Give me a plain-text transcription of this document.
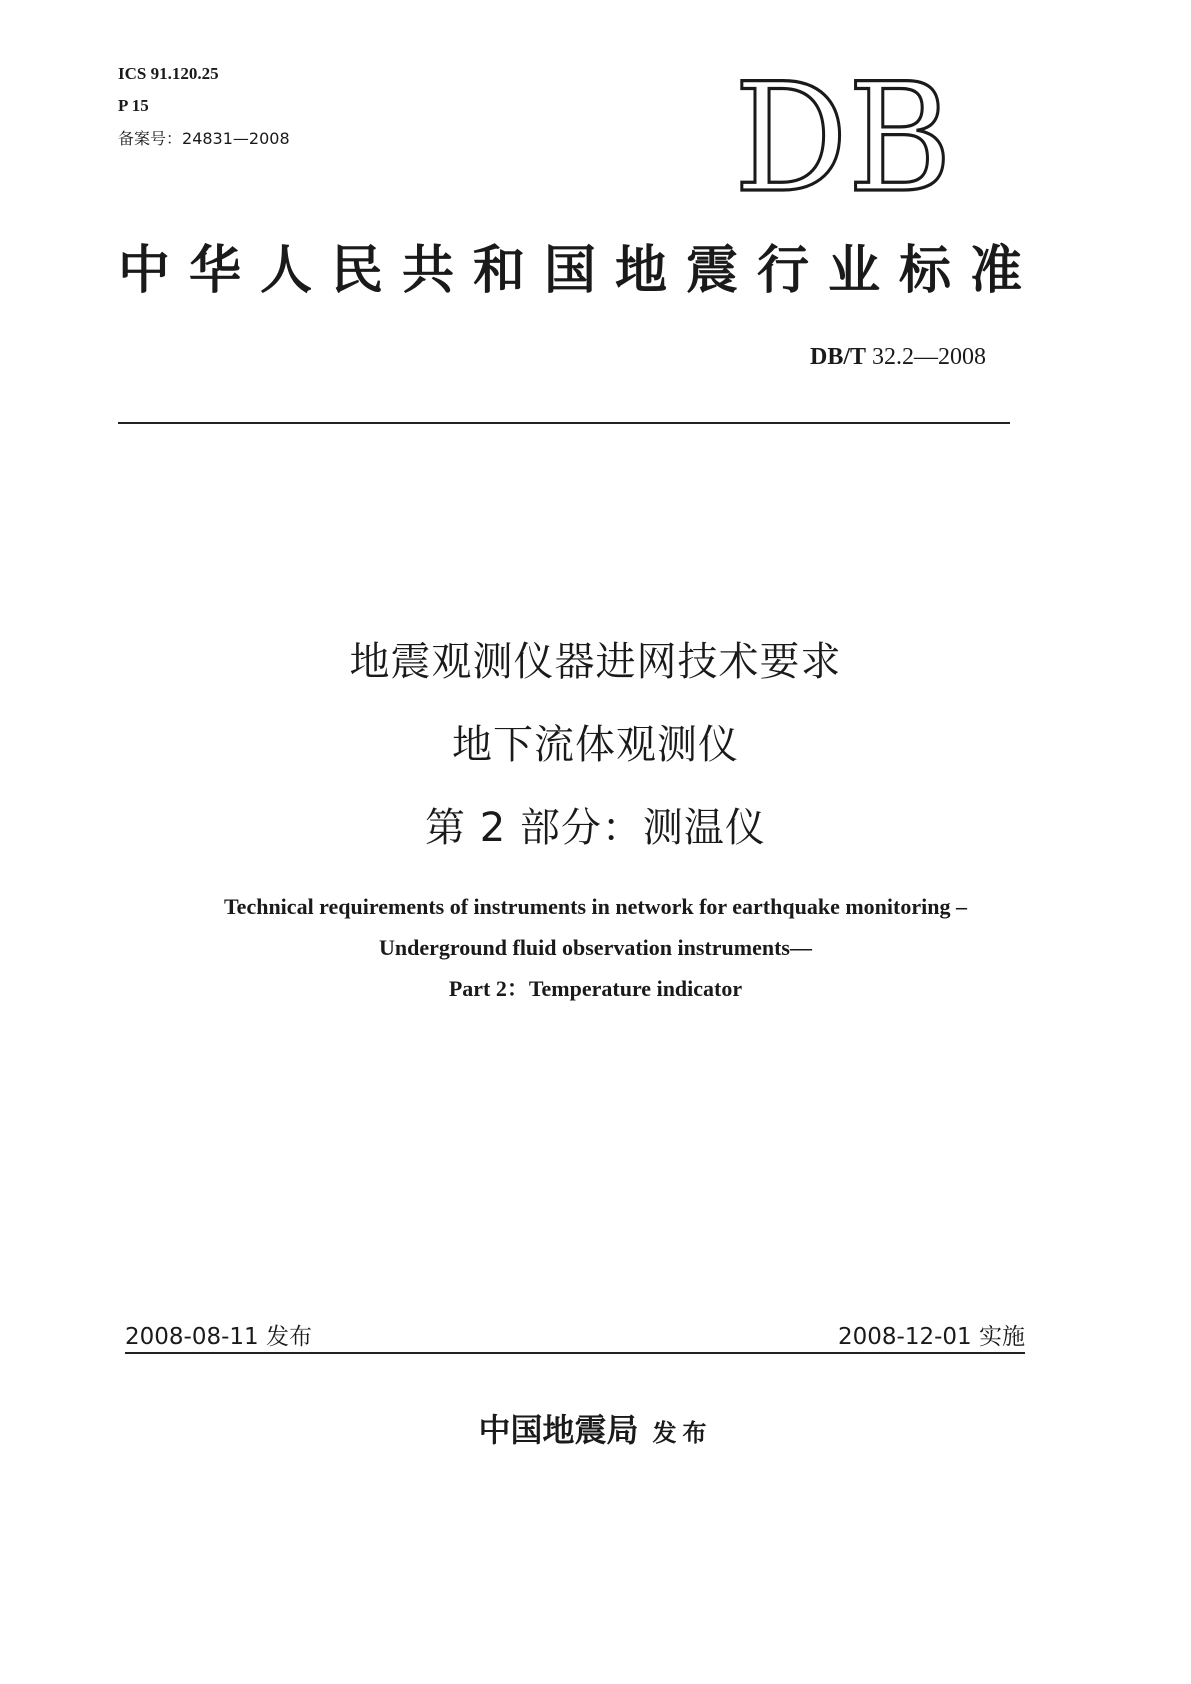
ICS 91.120.25
P 15
备案号：24831—2008	DB
中华人民共和国地震行业标准
DB/T 32.2—2008
地震观测仪器进网技术要求
地下流体观测仪
第 2 部分：测温仪
Technical requirements of instruments in network for earthquake monitoring –
Underground fluid observation instruments—
Part 2：Temperature indicator
2008-08-11 发布	2008-12-01 实施
中国地震局 发布
